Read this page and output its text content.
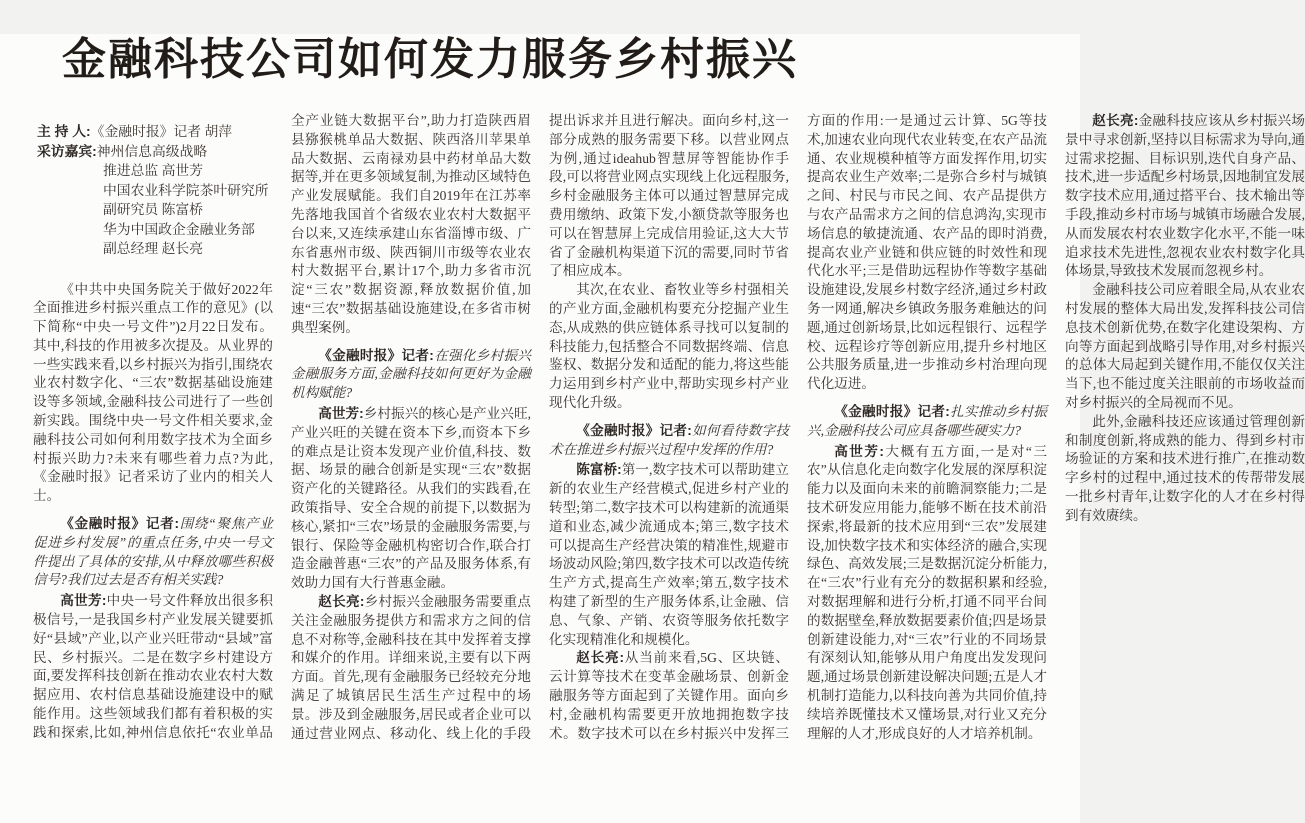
金融科技公司如何发力服务乡村振兴
主 持 人:《金融时报》记者 胡萍
采访嘉宾:神州信息高级战略
推进总监 高世芳
中国农业科学院茶叶研究所
副研究员 陈富桥
华为中国政企金融业务部
副总经理 赵长亮

《中共中央国务院关于做好2022年全面推进乡村振兴重点工作的意见》(以下简称“中央一号文件”)2月22日发布。其中,科技的作用被多次提及。从业界的一些实践来看,以乡村振兴为指引,围绕农业农村数字化、“三农”数据基础设施建设等多领域,金融科技公司进行了一些创新实践。围绕中央一号文件相关要求,金融科技公司如何利用数字技术为全面乡村振兴助力?未来有哪些着力点?为此,《金融时报》记者采访了业内的相关人士。

《金融时报》记者:围绕“聚焦产业促进乡村发展”的重点任务,中央一号文件提出了具体的安排,从中释放哪些积极信号?我们过去是否有相关实践?

高世芳:中央一号文件释放出很多积极信号,一是我国乡村产业发展关键要抓好“县域”产业,以产业兴旺带动“县域”富民、乡村振兴。二是在数字乡村建设方面,要发挥科技创新在推动农业农村大数据应用、农村信息基础设施建设中的赋能作用。这些领域我们都有着积极的实践和探索,比如,神州信息依托“农业单品全产业链大数据平台”,助力打造陕西眉县猕猴桃单品大数据、陕西洛川苹果单品大数据、云南禄劝县中药材单品大数据等,并在更多领域复制,为推动区域特色产业发展赋能。我们自2019年在江苏率先落地我国首个省级农业农村大数据平台以来,又连续承建山东省淄博市级、广东省惠州市级、陕西铜川市级等农业农村大数据平台,累计17个,助力多省市沉淀“三农”数据资源,释放数据价值,加速“三农”数据基础设施建设,在多省市树典型案例。

《金融时报》记者:在强化乡村振兴金融服务方面,金融科技如何更好为金融机构赋能?

高世芳:乡村振兴的核心是产业兴旺,产业兴旺的关键在资本下乡,而资本下乡的难点是让资本发现产业价值,科技、数据、场景的融合创新是实现“三农”数据资产化的关键路径。从我们的实践看,在政策指导、安全合规的前提下,以数据为核心,紧扣“三农”场景的金融服务需要,与银行、保险等金融机构密切合作,联合打造金融普惠“三农”的产品及服务体系,有效助力国有大行普惠金融。

赵长亮:乡村振兴金融服务需要重点关注金融服务提供方和需求方之间的信息不对称等,金融科技在其中发挥着支撑和媒介的作用。详细来说,主要有以下两方面。首先,现有金融服务已经较充分地满足了城镇居民生活生产过程中的场景。涉及到金融服务,居民或者企业可以通过营业网点、移动化、线上化的手段提出诉求并且进行解决。面向乡村,这一部分成熟的服务需要下移。以营业网点为例,通过ideahub智慧屏等智能协作手段,可以将营业网点实现线上化远程服务,乡村金融服务主体可以通过智慧屏完成费用缴纳、政策下发,小额贷款等服务也可以在智慧屏上完成信用验证,这大大节省了金融机构渠道下沉的需要,同时节省了相应成本。

其次,在农业、畜牧业等乡村强相关的产业方面,金融机构要充分挖掘产业生态,从成熟的供应链体系寻找可以复制的科技能力,包括整合不同数据终端、信息鉴权、数据分发和适配的能力,将这些能力运用到乡村产业中,帮助实现乡村产业现代化升级。

《金融时报》记者:如何看待数字技术在推进乡村振兴过程中发挥的作用?

陈富桥:第一,数字技术可以帮助建立新的农业生产经营模式,促进乡村产业的转型;第二,数字技术可以构建新的流通渠道和业态,减少流通成本;第三,数字技术可以提高生产经营决策的精准性,规避市场波动风险;第四,数字技术可以改造传统生产方式,提高生产效率;第五,数字技术构建了新型的生产服务体系,让金融、信息、气象、产销、农资等服务依托数字化实现精准化和规模化。

赵长亮:从当前来看,5G、区块链、云计算等技术在变革金融场景、创新金融服务等方面起到了关键作用。面向乡村,金融机构需要更开放地拥抱数字技术。数字技术可以在乡村振兴中发挥三方面的作用:一是通过云计算、5G等技术,加速农业向现代农业转变,在农产品流通、农业规模种植等方面发挥作用,切实提高农业生产效率;二是弥合乡村与城镇之间、村民与市民之间、农产品提供方与农产品需求方之间的信息鸿沟,实现市场信息的敏捷流通、农产品的即时消费,提高农业产业链和供应链的时效性和现代化水平;三是借助远程协作等数字基础设施建设,发展乡村数字经济,通过乡村政务一网通,解决乡镇政务服务难触达的问题,通过创新场景,比如远程银行、远程学校、远程诊疗等创新应用,提升乡村地区公共服务质量,进一步推动乡村治理向现代化迈进。

《金融时报》记者:扎实推动乡村振兴,金融科技公司应具备哪些硬实力?

高世芳:大概有五方面,一是对“三农”从信息化走向数字化发展的深厚积淀能力以及面向未来的前瞻洞察能力;二是技术研发应用能力,能够不断在技术前沿探索,将最新的技术应用到“三农”发展建设,加快数字技术和实体经济的融合,实现绿色、高效发展;三是数据沉淀分析能力,在“三农”行业有充分的数据积累和经验,对数据理解和进行分析,打通不同平台间的数据壁垒,释放数据要素价值;四是场景创新建设能力,对“三农”行业的不同场景有深刻认知,能够从用户角度出发发现问题,通过场景创新建设解决问题;五是人才机制打造能力,以科技向善为共同价值,持续培养既懂技术又懂场景,对行业又充分理解的人才,形成良好的人才培养机制。

赵长亮:金融科技应该从乡村振兴场景中寻求创新,坚持以目标需求为导向,通过需求挖掘、目标识别,迭代自身产品、技术,进一步适配乡村场景,因地制宜发展数字技术应用,通过搭平台、技术输出等手段,推动乡村市场与城镇市场融合发展,从而发展农村农业数字化水平,不能一味追求技术先进性,忽视农业农村数字化具体场景,导致技术发展而忽视乡村。

金融科技公司应着眼全局,从农业农村发展的整体大局出发,发挥科技公司信息技术创新优势,在数字化建设架构、方向等方面起到战略引导作用,对乡村振兴的总体大局起到关键作用,不能仅仅关注当下,也不能过度关注眼前的市场收益而对乡村振兴的全局视而不见。

此外,金融科技还应该通过管理创新和制度创新,将成熟的能力、得到乡村市场验证的方案和技术进行推广,在推动数字乡村的过程中,通过技术的传帮带发展一批乡村青年,让数字化的人才在乡村得到有效赓续。
